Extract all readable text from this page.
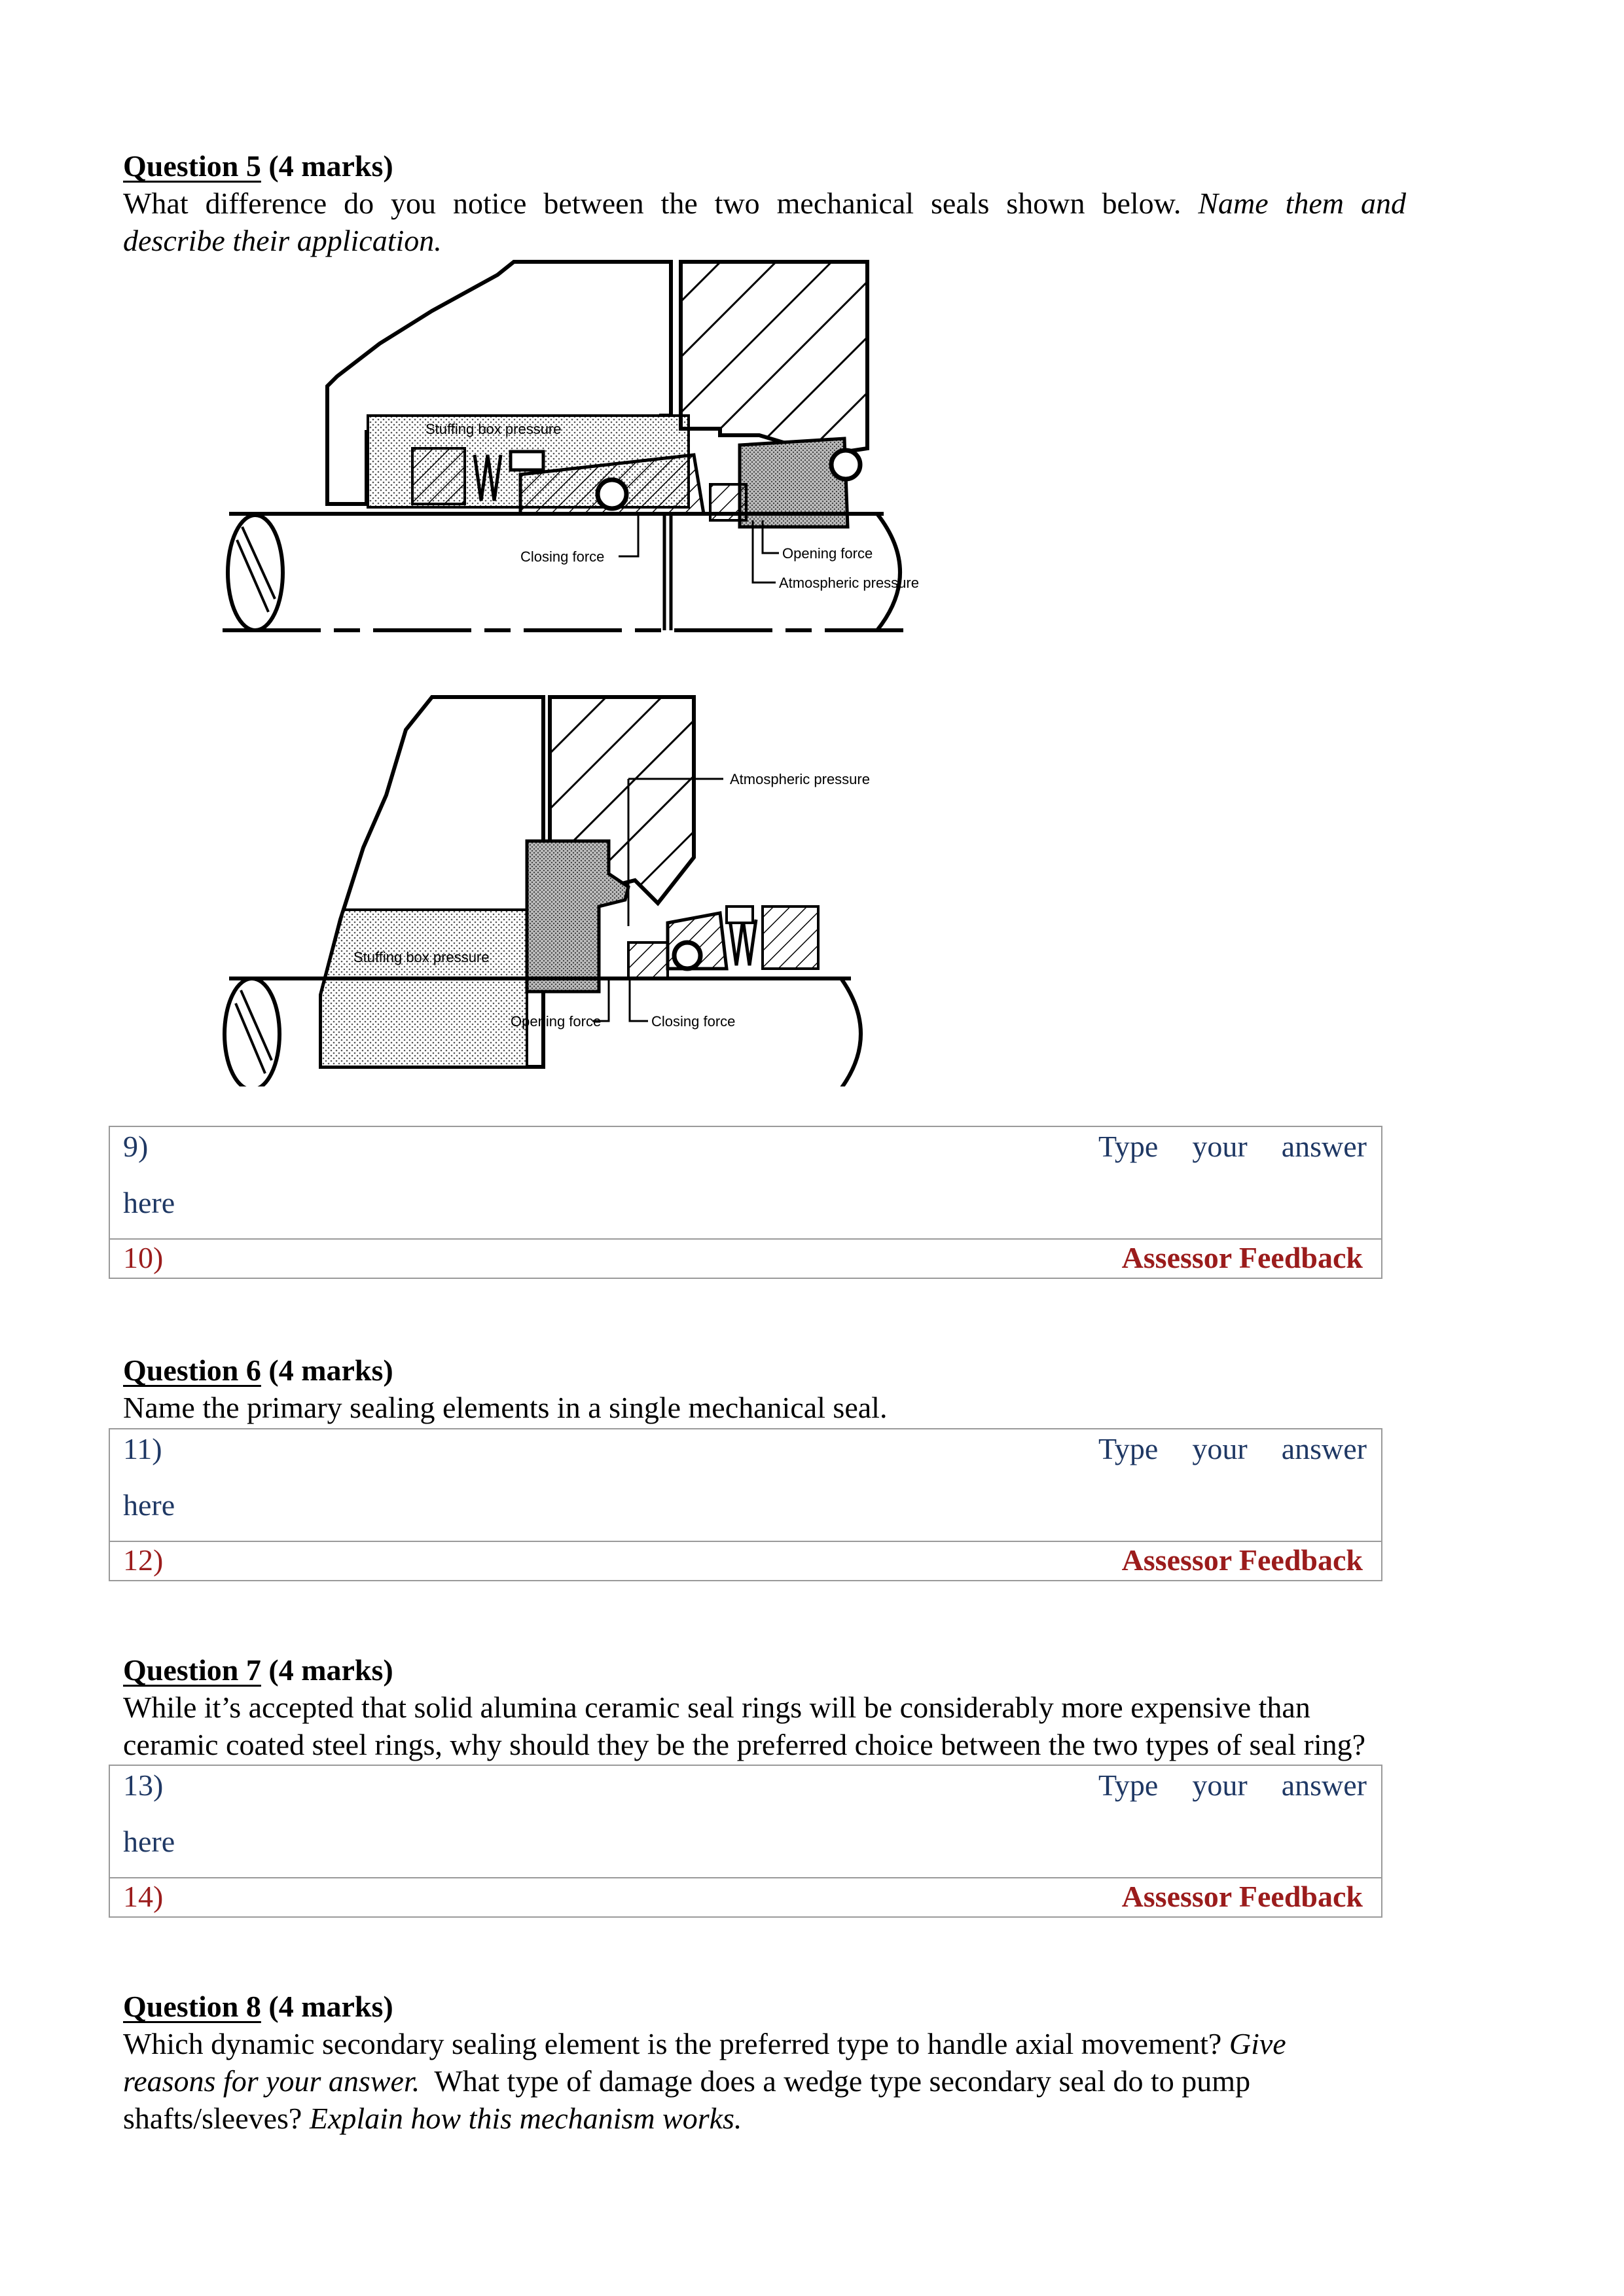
Question 5 (4 marks)
What difference do you notice between the two mechanical seals shown below. Name them and
describe their application.
Stuffing box pressure
Closing force	Opening force
Atmospheric pressure
Atmospheric pressure
Stuffing box pressure
Opening force	Closing force
9)	Type your answer
here
10)	Assessor Feedback
Question 6 (4 marks)
Name the primary sealing elements in a single mechanical seal.
11)	Type your answer
here
12)	Assessor Feedback
Question 7 (4 marks)
While it’s accepted that solid alumina ceramic seal rings will be considerably more expensive than
ceramic coated steel rings, why should they be the preferred choice between the two types of seal ring?
13)	Type your answer
here
14)	Assessor Feedback
Question 8 (4 marks)
Which dynamic secondary sealing element is the preferred type to handle axial movement? Give
reasons for your answer. What type of damage does a wedge type secondary seal do to pump
shafts/sleeves? Explain how this mechanism works.
